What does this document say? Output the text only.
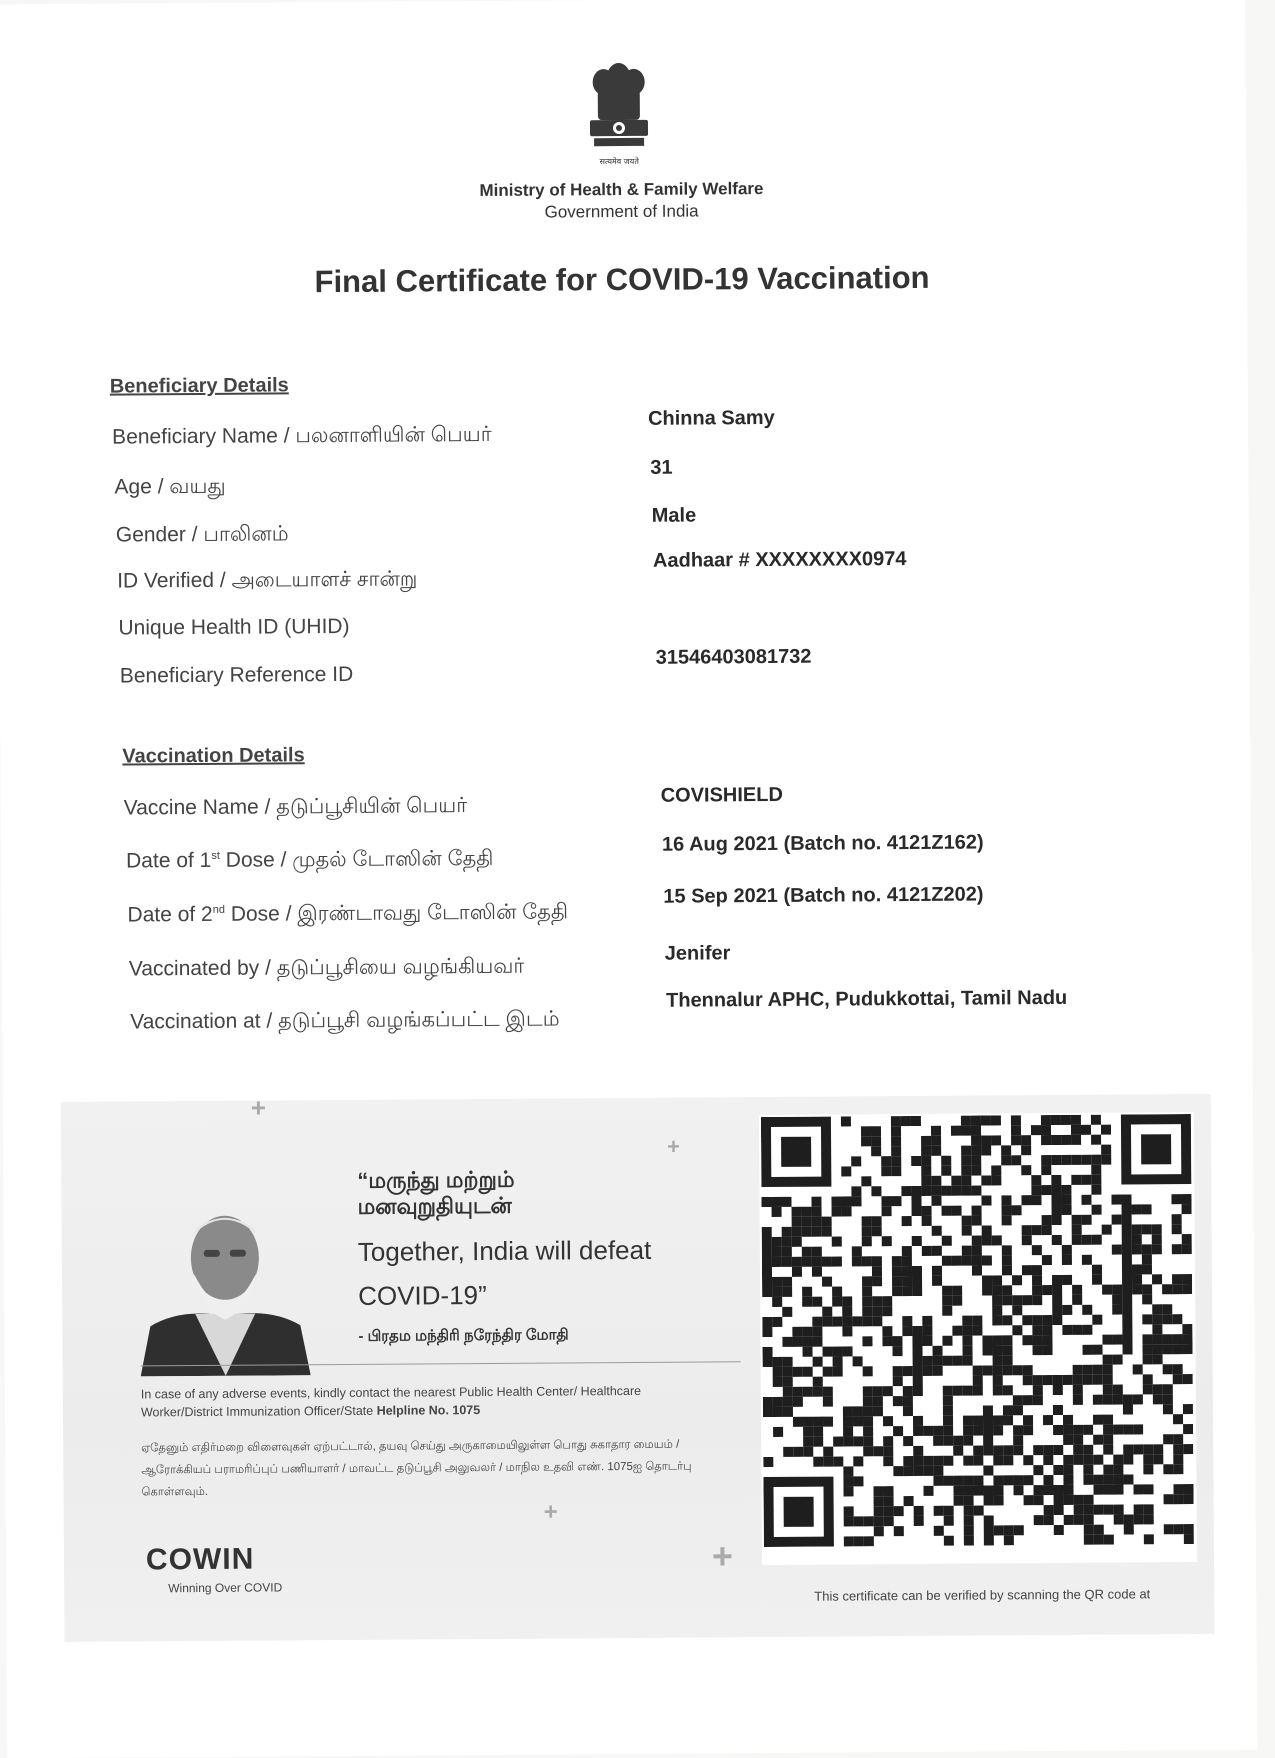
सत्यमेव जयते
Ministry of Health & Family Welfare
Government of India
Final Certificate for COVID-19 Vaccination
Beneficiary Details
Beneficiary Name / பலனாளியின் பெயர்
Chinna Samy
Age / வயது
31
Gender / பாலினம்
Male
ID Verified / அடையாளச் சான்று
Aadhaar # XXXXXXXX0974
Unique Health ID (UHID)
Beneficiary Reference ID
31546403081732
Vaccination Details
Vaccine Name / தடுப்பூசியின் பெயர்	COVISHIELD
Date of 1st Dose / முதல் டோஸின் தேதி
16 Aug 2021 (Batch no. 4121Z162)
Date of 2nd Dose / இரண்டாவது டோஸின் தேதி
15 Sep 2021 (Batch no. 4121Z202)
Vaccinated by / தடுப்பூசியை வழங்கியவர்
Jenifer
Vaccination at / தடுப்பூசி வழங்கப்பட்ட இடம்
Thennalur APHC, Pudukkottai, Tamil Nadu
+
+
+
+
“மருந்து மற்றும்
மனவுறுதியுடன்
Together, India will defeat
COVID-19”
- பிரதம மந்திரி நரேந்திர மோதி
In case of any adverse events, kindly contact the nearest Public Health Center/ Healthcare Worker/District Immunization Officer/State Helpline No. 1075
ஏதேனும் எதிர்மறை விளைவுகள் ஏற்பட்டால், தயவு செய்து அருகாமையிலுள்ள பொது சுகாதார மையம் / ஆரோக்கியப் பராமரிப்புப் பணியாளர் / மாவட்ட தடுப்பூசி அலுவலர் / மாநில உதவி எண். 1075ஐ தொடர்பு கொள்ளவும்.
COWIN
Winning Over COVID	This certificate can be verified by scanning the QR code at
